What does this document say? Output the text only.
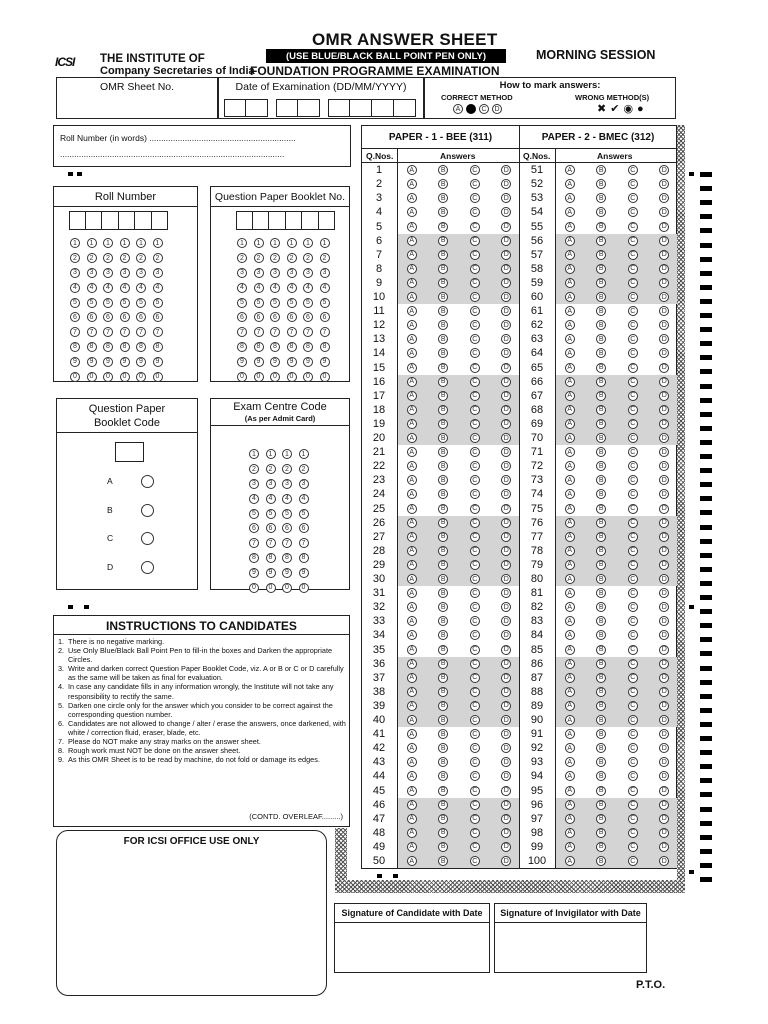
ICSI THE INSTITUTE OF
Company Secretaries of India
OMR ANSWER SHEET
(USE BLUE/BLACK BALL POINT PEN ONLY)
FOUNDATION PROGRAMME EXAMINATION
MORNING SESSION
OMR Sheet No.	Date of Examination (DD/MM/YYYY)	How to mark answers:
CORRECT METHOD	WRONG METHOD(S)
A	C	D	✖ ✔ ◉ ●
Roll Number (in words) ..............................................................
...............................................................................................
Roll Number
1	1	1	1	1	1
2	2	2	2	2	2
3	3	3	3	3	3
4	4	4	4	4	4
5	5	5	5	5	5
6	6	6	6	6	6
7	7	7	7	7	7
8	8	8	8	8	8
9	9	9	9	9	9
0	0	0	0	0	0
Question Paper Booklet No.
1	1	1	1	1	1
2	2	2	2	2	2
3	3	3	3	3	3
4	4	4	4	4	4
5	5	5	5	5	5
6	6	6	6	6	6
7	7	7	7	7	7
8	8	8	8	8	8
9	9	9	9	9	9
0	0	0	0	0	0
Question Paper
Booklet Code
A
B
C
D
Exam Centre Code
(As per Admit Card)
1	1	1	1
2	2	2	2
3	3	3	3
4	4	4	4
5	5	5	5
6	6	6	6
7	7	7	7
8	8	8	8
9	9	9	9
0	0	0	0
INSTRUCTIONS TO CANDIDATES

1. There is no negative marking.

2. Use Only Blue/Black Ball Point Pen to fill-in the boxes and Darken the appropriate Circles.

3. Write and darken correct Question Paper Booklet Code, viz. A or B or C or D carefully as the same will be taken as final for evaluation.

4. In case any candidate fills in any information wrongly, the Institute will not take any responsibility to rectify the same.

5. Darken one circle only for the answer which you consider to be correct against the corresponding question number.

6. Candidates are not allowed to change / alter / erase the answers, once darkened, with white / correction fluid, eraser, blade, etc.

7. Please do NOT make any stray marks on the answer sheet.

8. Rough work must NOT be done on the answer sheet.

9. As this OMR Sheet is to be read by machine, do not fold or damage its edges.

(CONTD. OVERLEAF.........)
FOR ICSI OFFICE USE ONLY
PAPER - 1 - BEE (311)	PAPER - 2 - BMEC (312)
Q.Nos.	Answers	Q.Nos.	Answers
1	A	B	C	D	51	A	B	C	D
2	A	B	C	D	52	A	B	C	D
3	A	B	C	D	53	A	B	C	D
4	A	B	C	D	54	A	B	C	D
5	A	B	C	D	55	A	B	C	D
6	A	B	C	D	56	A	B	C	D
7	A	B	C	D	57	A	B	C	D
8	A	B	C	D	58	A	B	C	D
9	A	B	C	D	59	A	B	C	D
10	A	B	C	D	60	A	B	C	D
11	A	B	C	D	61	A	B	C	D
12	A	B	C	D	62	A	B	C	D
13	A	B	C	D	63	A	B	C	D
14	A	B	C	D	64	A	B	C	D
15	A	B	C	D	65	A	B	C	D
16	A	B	C	D	66	A	B	C	D
17	A	B	C	D	67	A	B	C	D
18	A	B	C	D	68	A	B	C	D
19	A	B	C	D	69	A	B	C	D
20	A	B	C	D	70	A	B	C	D
21	A	B	C	D	71	A	B	C	D
22	A	B	C	D	72	A	B	C	D
23	A	B	C	D	73	A	B	C	D
24	A	B	C	D	74	A	B	C	D
25	A	B	C	D	75	A	B	C	D
26	A	B	C	D	76	A	B	C	D
27	A	B	C	D	77	A	B	C	D
28	A	B	C	D	78	A	B	C	D
29	A	B	C	D	79	A	B	C	D
30	A	B	C	D	80	A	B	C	D
31	A	B	C	D	81	A	B	C	D
32	A	B	C	D	82	A	B	C	D
33	A	B	C	D	83	A	B	C	D
34	A	B	C	D	84	A	B	C	D
35	A	B	C	D	85	A	B	C	D
36	A	B	C	D	86	A	B	C	D
37	A	B	C	D	87	A	B	C	D
38	A	B	C	D	88	A	B	C	D
39	A	B	C	D	89	A	B	C	D
40	A	B	C	D	90	A	B	C	D
41	A	B	C	D	91	A	B	C	D
42	A	B	C	D	92	A	B	C	D
43	A	B	C	D	93	A	B	C	D
44	A	B	C	D	94	A	B	C	D
45	A	B	C	D	95	A	B	C	D
46	A	B	C	D	96	A	B	C	D
47	A	B	C	D	97	A	B	C	D
48	A	B	C	D	98	A	B	C	D
49	A	B	C	D	99	A	B	C	D
50	A	B	C	D	100	A	B	C	D
Signature of Candidate with Date	Signature of Invigilator with Date
P.T.O.
